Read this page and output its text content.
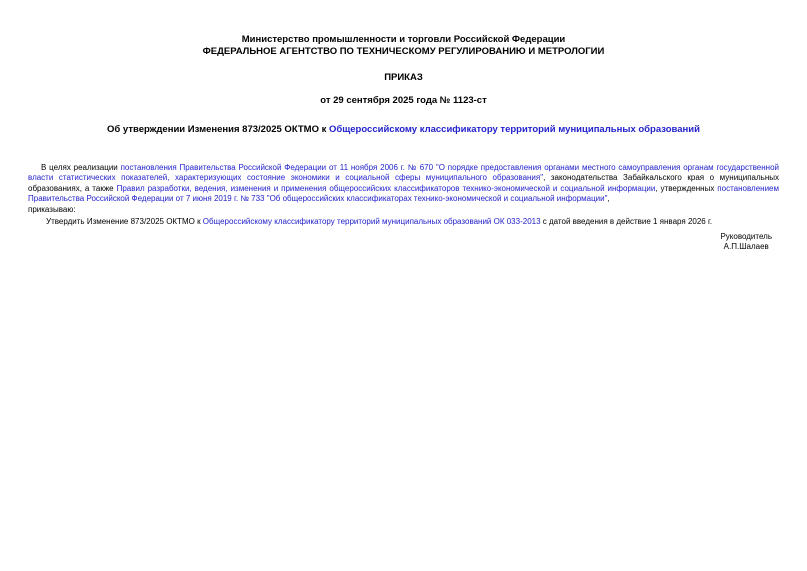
Министерство промышленности и торговли Российской Федерации
ФЕДЕРАЛЬНОЕ АГЕНТСТВО ПО ТЕХНИЧЕСКОМУ РЕГУЛИРОВАНИЮ И МЕТРОЛОГИИ
ПРИКАЗ
от 29 сентября 2025 года № 1123-ст
Об утверждении Изменения 873/2025 ОКТМО к Общероссийскому классификатору территорий муниципальных образований

В целях реализации постановления Правительства Российской Федерации от 11 ноября 2006 г. № 670 "О порядке предоставления органами местного самоуправления органам государственной власти статистических показателей, характеризующих состояние экономики и социальной сферы муниципального образования", законодательства Забайкальского края о муниципальных образованиях, а также Правил разработки, ведения, изменения и применения общероссийских классификаторов технико-экономической и социальной информации, утвержденных постановлением Правительства Российской Федерации от 7 июня 2019 г. № 733 "Об общероссийских классификаторах технико-экономической и социальной информации",

приказываю:

Утвердить Изменение 873/2025 ОКТМО к Общероссийскому классификатору территорий муниципальных образований ОК 033-2013 с датой введения в действие 1 января 2026 г.

Руководитель
А.П.Шалаев
